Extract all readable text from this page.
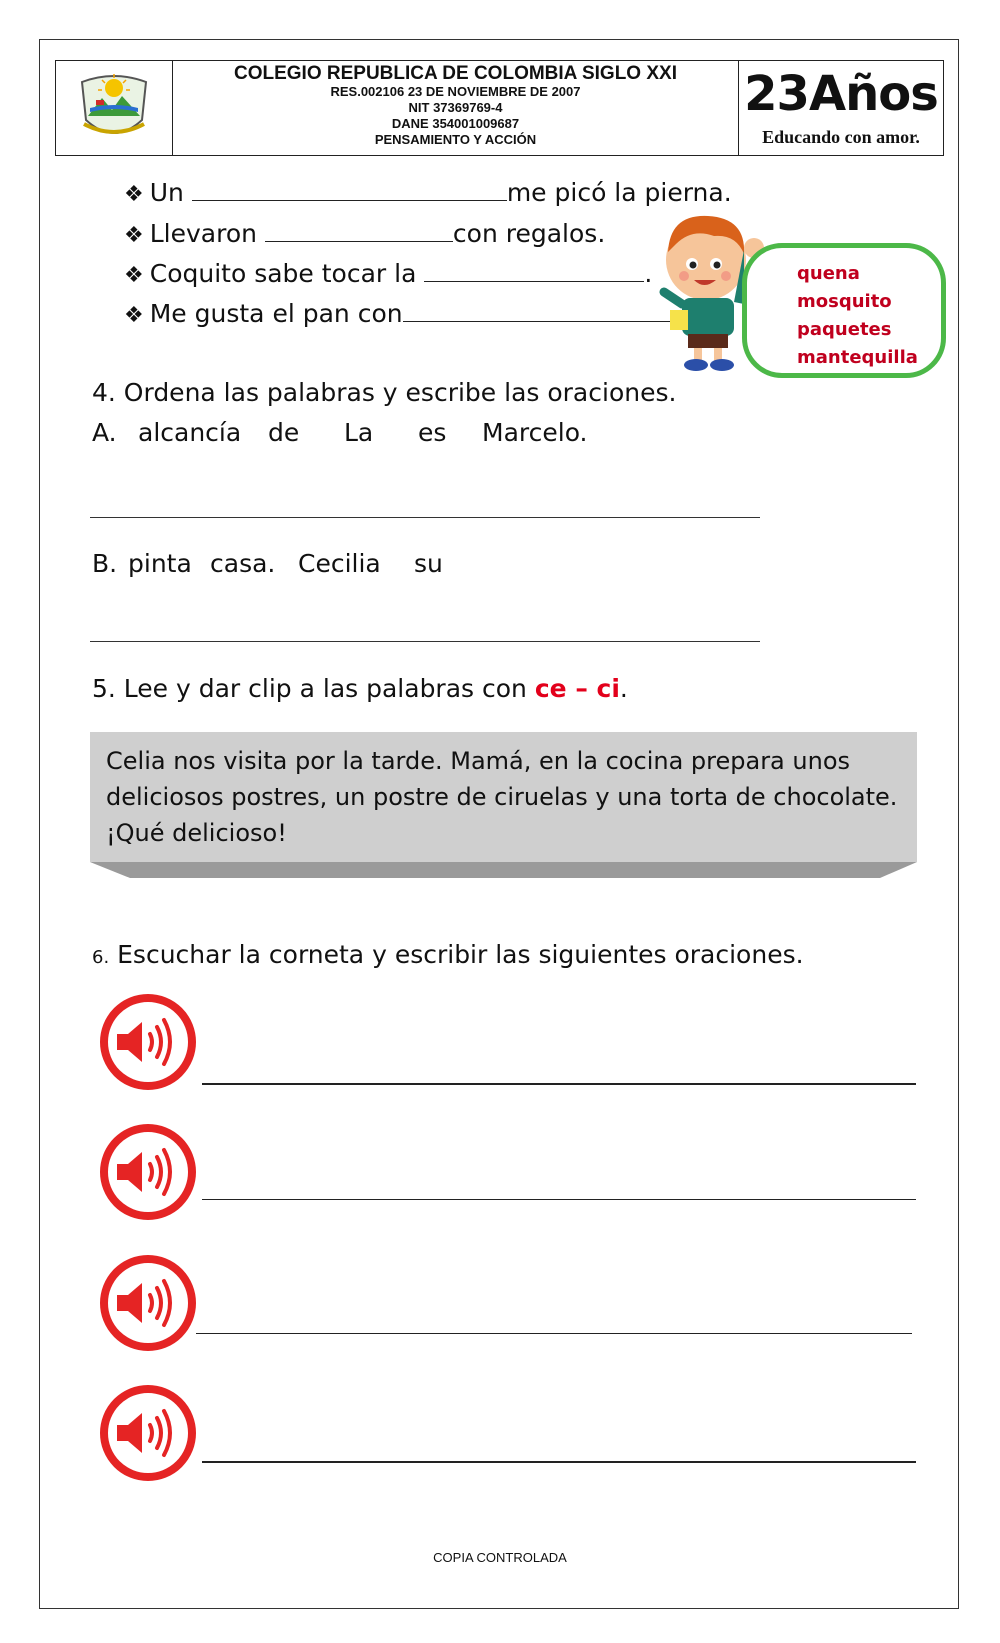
COLEGIO REPUBLICA DE COLOMBIA SIGLO XXI
RES.002106 23 DE NOVIEMBRE DE 2007
NIT 37369769-4
DANE 354001009687
PENSAMIENTO Y ACCIÓN
23Años
Educando con amor.
❖ Un	me picó la pierna.
❖ Llevaron	con regalos.
❖ Coquito sabe tocar la	.
❖ Me gusta el pan con
quena
mosquito
paquetes
mantequilla
4. Ordena las palabras y escribe las oraciones.
A. alcancía de La es Marcelo.
B. pinta casa. Cecilia su
5. Lee y dar clip a las palabras con ce – ci.
Celia nos visita por la tarde. Mamá, en la cocina prepara unos deliciosos postres, un postre de ciruelas y una torta de chocolate. ¡Qué delicioso!
6. Escuchar la corneta y escribir las siguientes oraciones.
COPIA CONTROLADA
